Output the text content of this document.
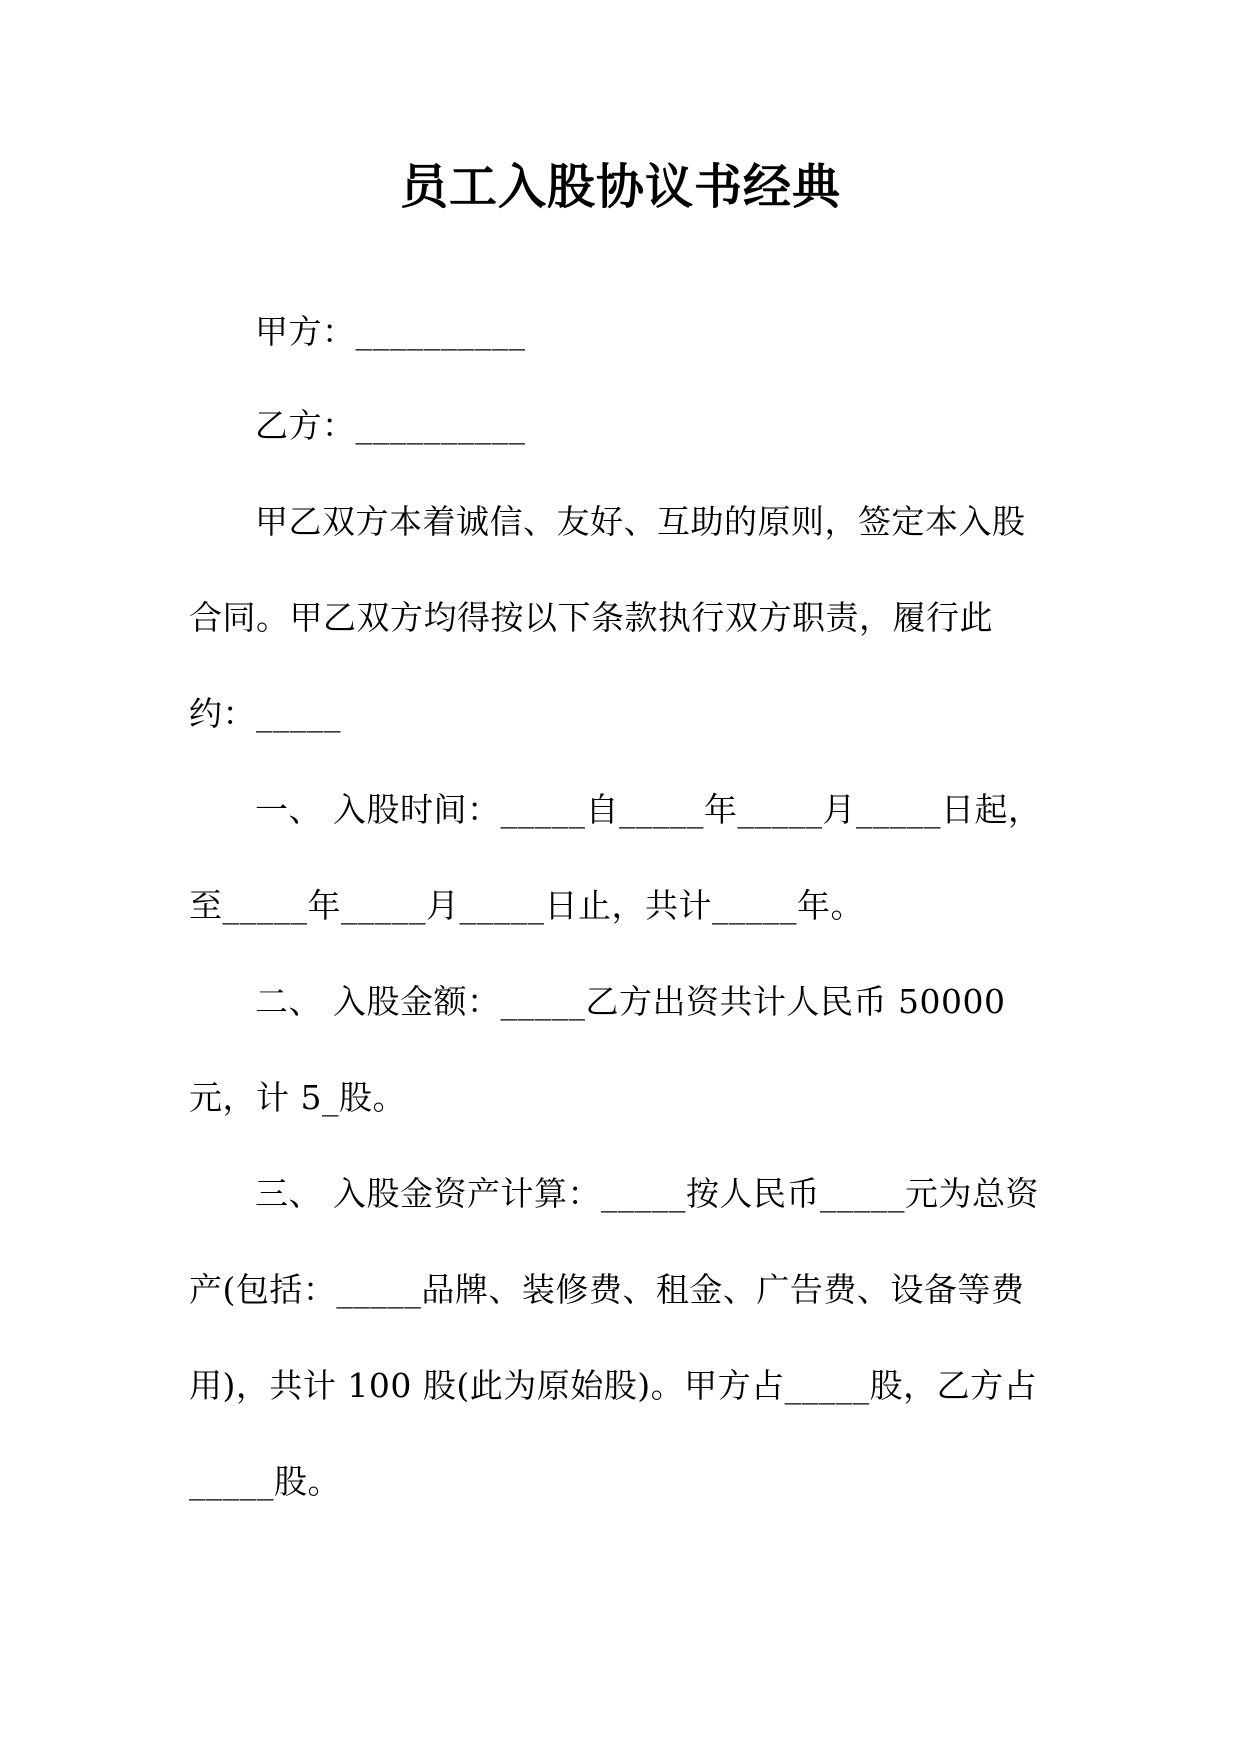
员工入股协议书经典

甲方：__________

乙方：__________

甲乙双方本着诚信、友好、互助的原则，签定本入股

合同。甲乙双方均得按以下条款执行双方职责，履行此

约：_____

一、 入股时间：_____自_____年_____月_____日起，

至_____年_____月_____日止，共计_____年。

二、 入股金额：_____乙方出资共计人民币 50000

元，计 5_股。

三、 入股金资产计算：_____按人民币_____元为总资

产(包括：_____品牌、装修费、租金、广告费、设备等费

用)，共计 100 股(此为原始股)。甲方占_____股，乙方占

_____股。
